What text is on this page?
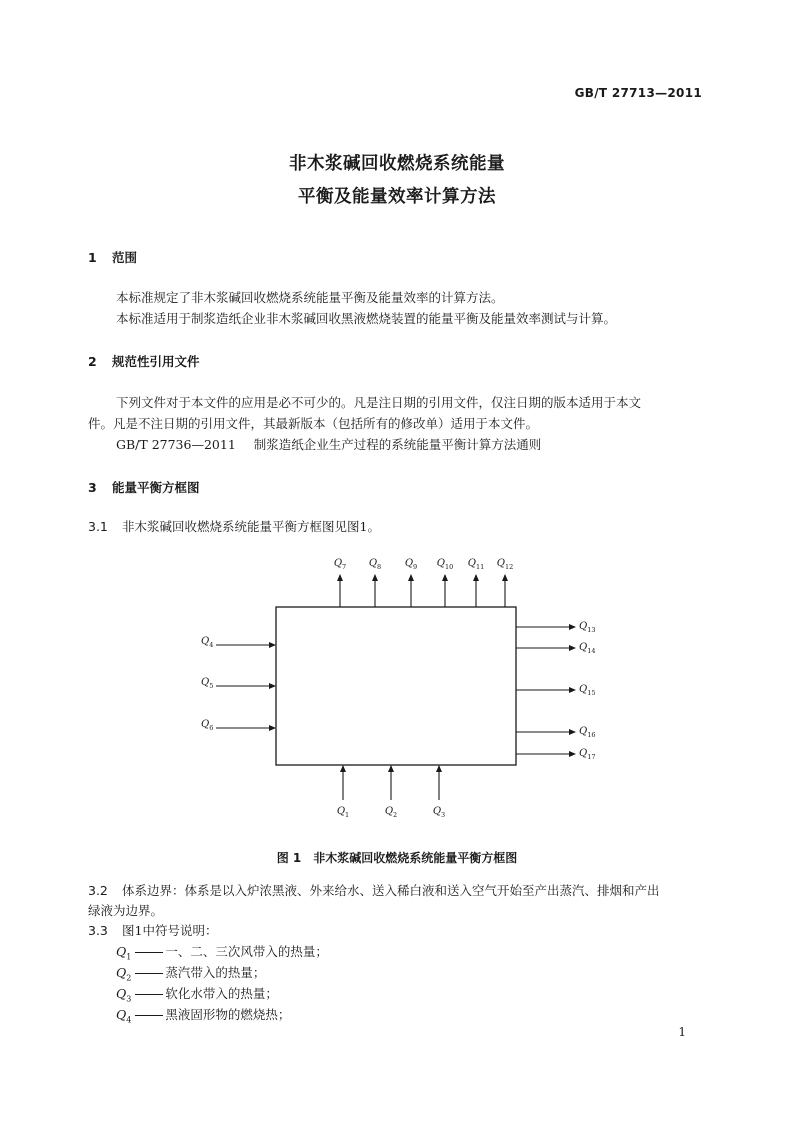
GB/T 27713—2011
非木浆碱回收燃烧系统能量
平衡及能量效率计算方法
1 范围
本标准规定了非木浆碱回收燃烧系统能量平衡及能量效率的计算方法。
本标准适用于制浆造纸企业非木浆碱回收黑液燃烧装置的能量平衡及能量效率测试与计算。
2 规范性引用文件
下列文件对于本文件的应用是必不可少的。凡是注日期的引用文件，仅注日期的版本适用于本文
件。凡是不注日期的引用文件，其最新版本（包括所有的修改单）适用于本文件。
GB/T 27736—2011 制浆造纸企业生产过程的系统能量平衡计算方法通则
3 能量平衡方框图
3.1 非木浆碱回收燃烧系统能量平衡方框图见图1。
$Q_7$ $Q_8$ $Q_9$ $Q_{10}$ $Q_{11}$ $Q_{12}$
$Q_4$
$Q_5$
$Q_6$
$Q_{13}$
$Q_{14}$
$Q_{15}$
$Q_{16}$
$Q_{17}$
$Q_1$	$Q_2$	$Q_3$
图 1　非木浆碱回收燃烧系统能量平衡方框图
3.2 体系边界：体系是以入炉浓黑液、外来给水、送入稀白液和送入空气开始至产出蒸汽、排烟和产出
绿液为边界。
3.3 图1中符号说明：
$Q_1$	一、二、三次风带入的热量；
$Q_2$	蒸汽带入的热量；
$Q_3$	软化水带入的热量；
$Q_4$	黑液固形物的燃烧热；
1
